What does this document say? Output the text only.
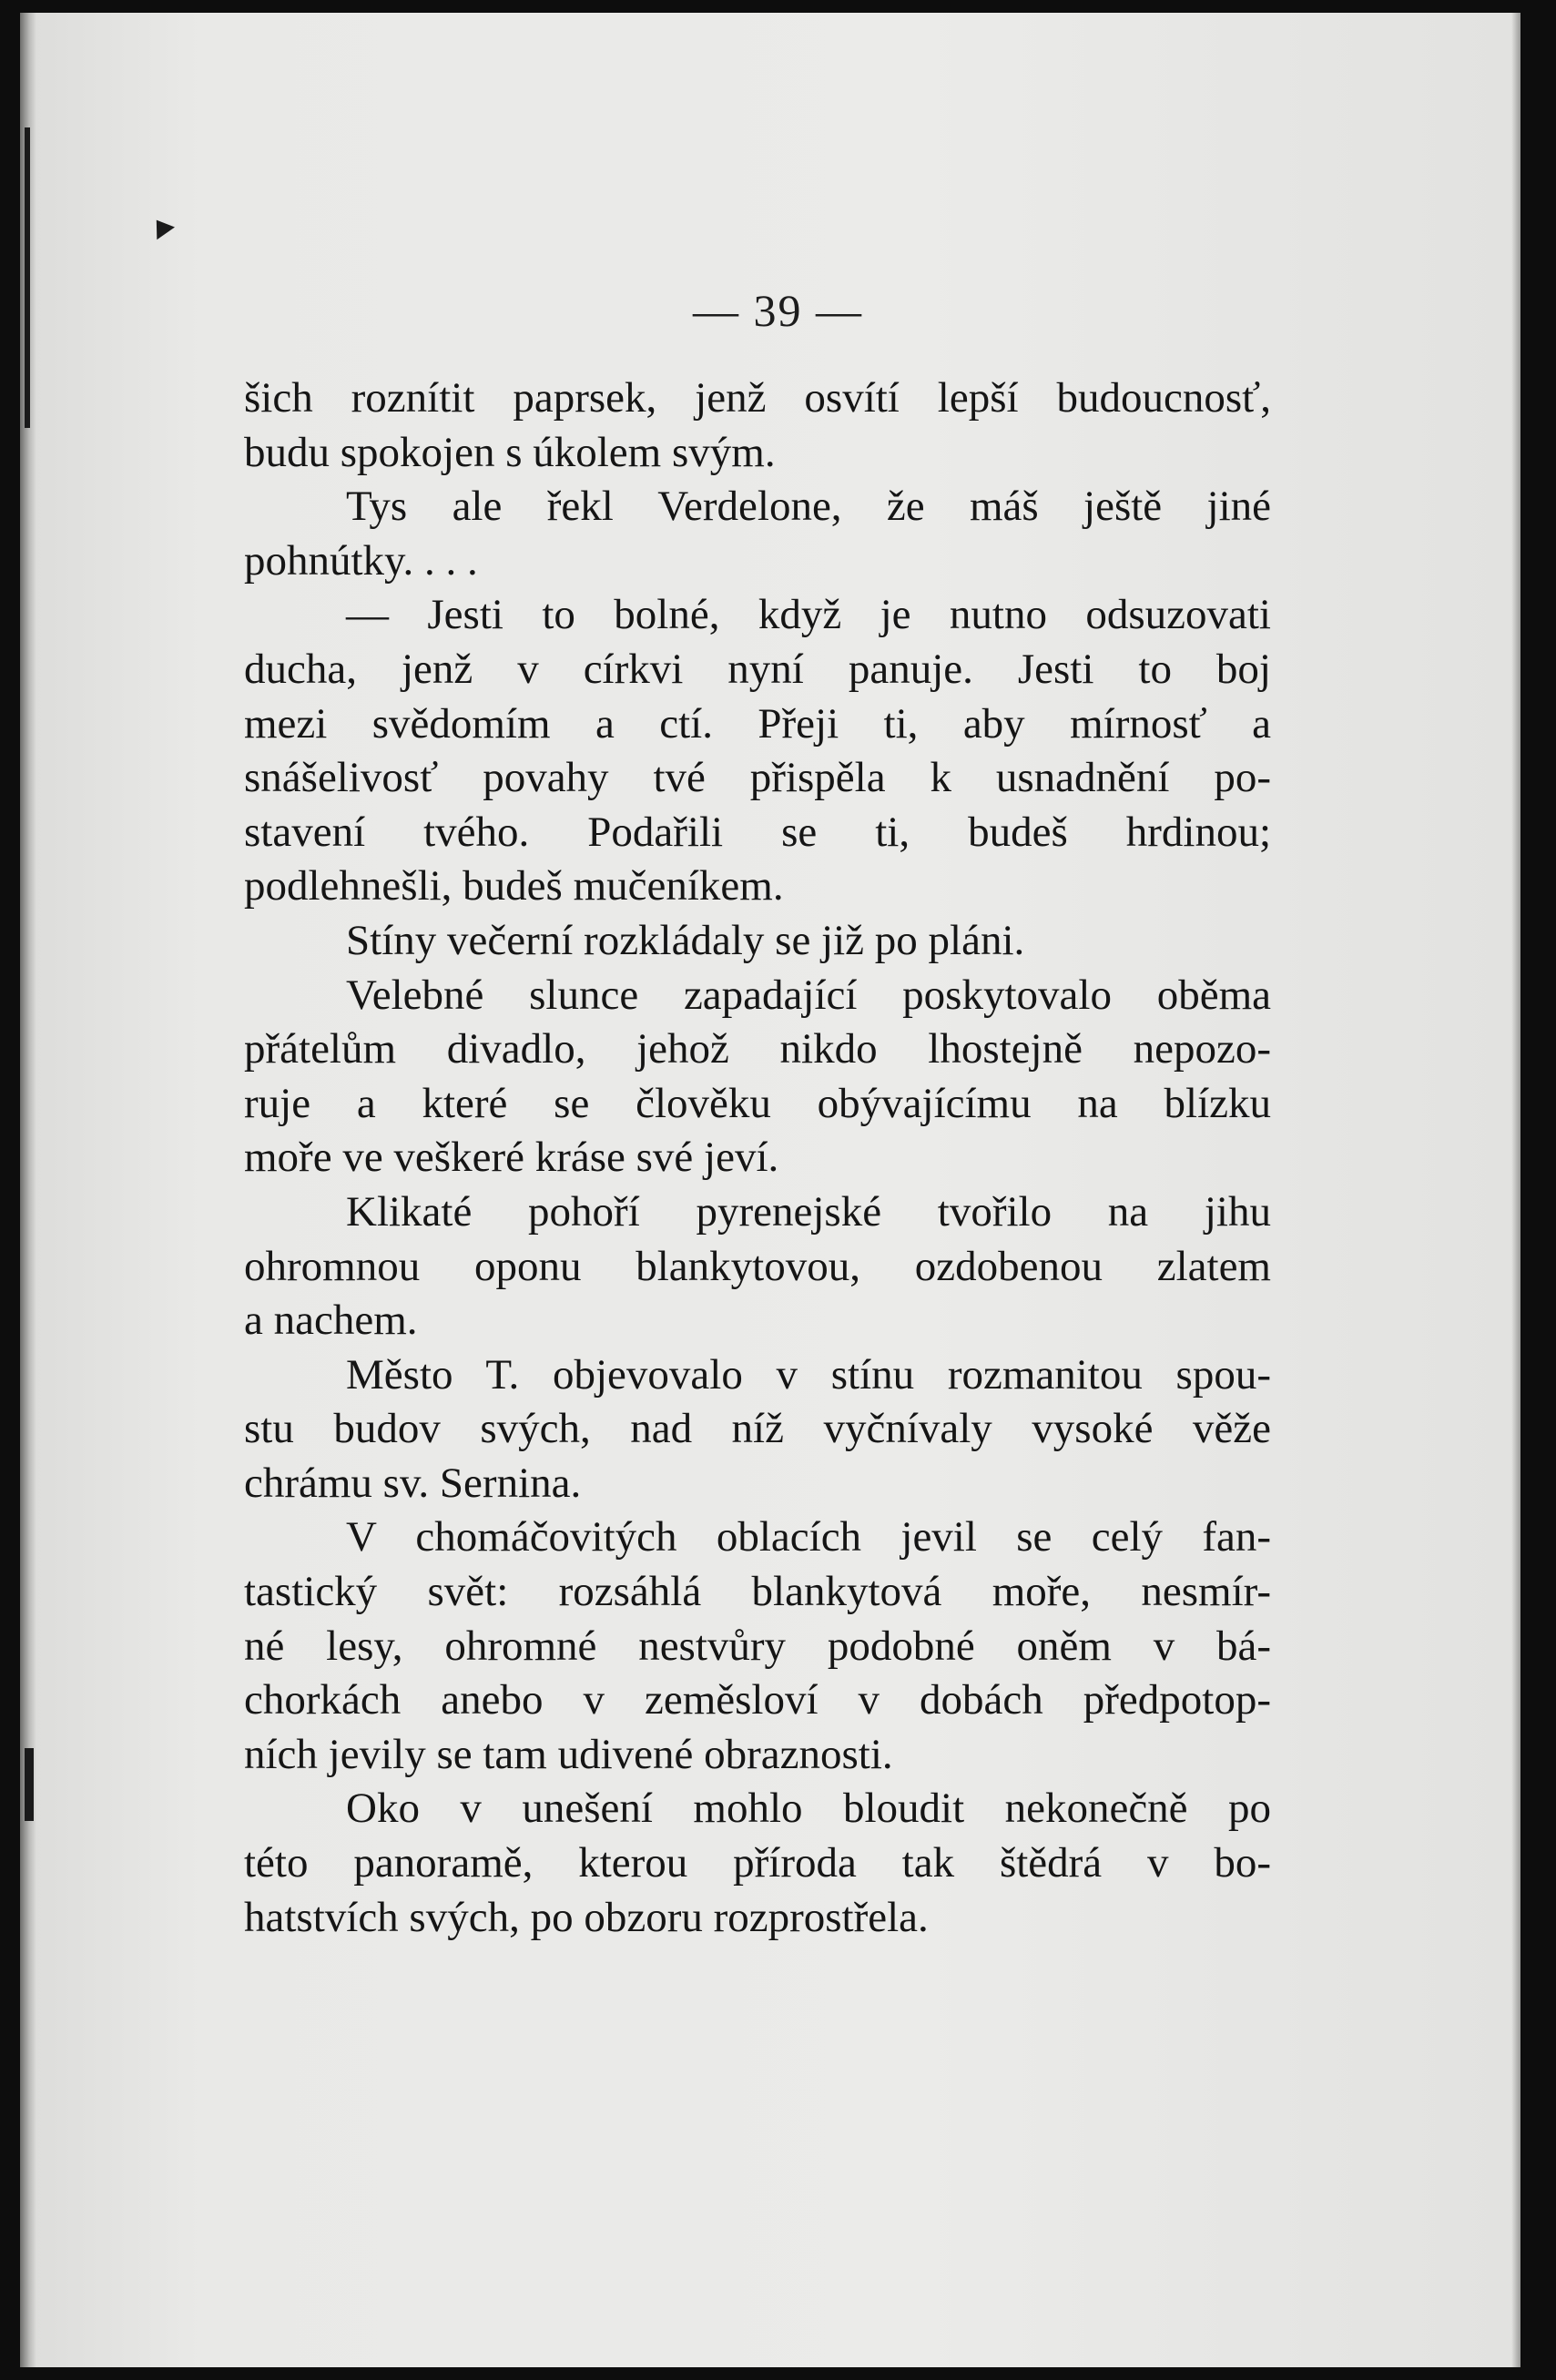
— 39 —
šich roznítit paprsek, jenž osvítí lepší budoucnosť,
budu spokojen s úkolem svým.
Tys ale řekl Verdelone, že máš ještě jiné
pohnútky. . . .
— Jesti to bolné, když je nutno odsuzovati
ducha, jenž v církvi nyní panuje. Jesti to boj
mezi svědomím a ctí. Přeji ti, aby mírnosť a
snášelivosť povahy tvé přispěla k usnadnění po-
stavení tvého. Podařili se ti, budeš hrdinou;
podlehnešli, budeš mučeníkem.
Stíny večerní rozkládaly se již po pláni.
Velebné slunce zapadající poskytovalo oběma
přátelům divadlo, jehož nikdo lhostejně nepozo-
ruje a které se člověku obývajícímu na blízku
moře ve veškeré kráse své jeví.
Klikaté pohoří pyrenejské tvořilo na jihu
ohromnou oponu blankytovou, ozdobenou zlatem
a nachem.
Město T. objevovalo v stínu rozmanitou spou-
stu budov svých, nad níž vyčnívaly vysoké věže
chrámu sv. Sernina.
V chomáčovitých oblacích jevil se celý fan-
tastický svět: rozsáhlá blankytová moře, nesmír-
né lesy, ohromné nestvůry podobné oněm v bá-
chorkách anebo v zeměsloví v dobách předpotop-
ních jevily se tam udivené obraznosti.
Oko v unešení mohlo bloudit nekonečně po
této panoramě, kterou příroda tak štědrá v bo-
hatstvích svých, po obzoru rozprostřela.
